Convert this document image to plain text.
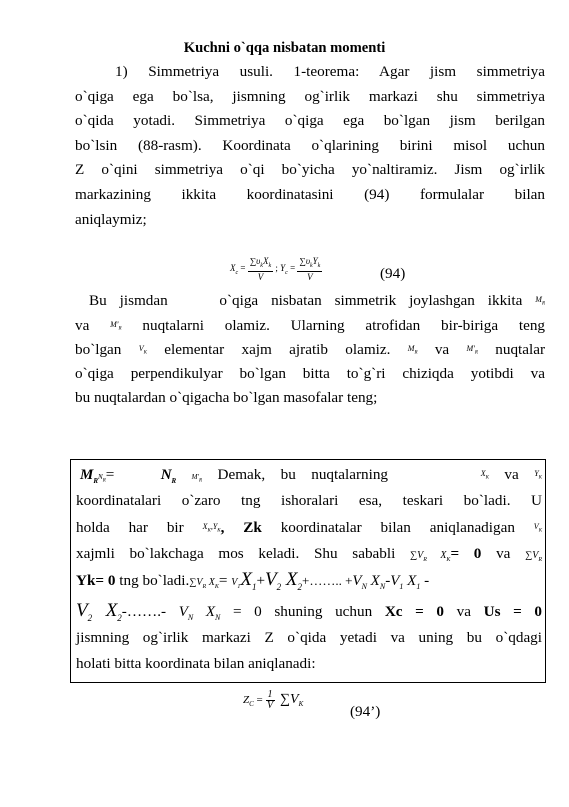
Kuchni o`qqa nisbatan momenti
1) Simmetriya usuli. 1-teorema: Agar jism simmetriya
o`qiga ega bo`lsa, jismning og`irlik markazi shu simmetriya
o`qida yotadi. Simmetriya o`qiga ega bo`lgan jism berilgan
bo`lsin (88-rasm). Koordinata o`qlarining birini misol uchun
Z o`qini simmetriya o`qi bo`yicha yo`naltiramiz. Jism og`irlik
markazining ikkita koordinatasini (94) formulalar bilan
aniqlaymiz;
$X_c = \frac{\sum\upsilon_kX_k}{V}$ ; $Y_c = \frac{\sum\upsilon_kY_k}{V}$	(94)
Bu jismdan	o`qiga nisbatan simmetrik joylashgan ikkita $M_R$
va	$M'_R$ nuqtalarni olamiz. Ularning atrofidan bir-biriga teng
bo`lgan $V_K$ elementar xajm ajratib olamiz. $M_R$ va $M'_R$ nuqtalar
o`qiga perpendikulyar bo`lgan bitta to`g`ri chiziqda yotibdi va
bu nuqtalardan o`qigacha bo`lgan masofalar teng;
$M_RN_R=$	$N_R$ $M'_R$ Demak, bu nuqtalarning	$X_K$ va $Y_K$
koordinatalari o`zaro tng ishoralari esa, teskari bo`ladi. U
holda har bir $X_K,Y_K$, Zk koordinatalar bilan aniqlanadigan $V_K$
xajmli bo`lakchaga mos keladi. Shu sababli $\sum V_R$ $X_K= 0$ va $\sum V_R$
Yk= 0 tng $bo`ladi.\sum V_R$ $X_K= V_1X_1+V_2$ $X_2+\dots\dots$.. $+V_N$ $X_N-V_1$ $X_1$ -
$V_2$ $X_2-\dots\dots.-$ $V_N$ $X_N = 0$ shuning uchun Xc = 0 va Us = 0
jismning og`irlik markazi Z o`qida yetadi va uning bu o`qdagi
holati bitta koordinata bilan aniqlanadi:
$Z_C = \frac{1}{V} \sum V_K$	(94’)
